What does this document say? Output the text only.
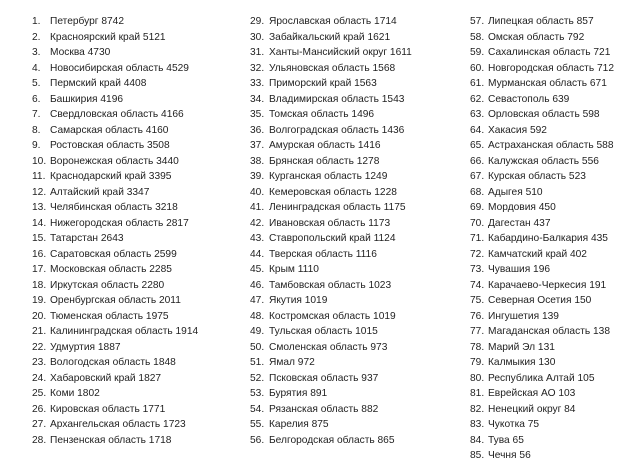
1. Петербург 8742
2. Красноярский край 5121
3. Москва 4730
4. Новосибирская область 4529
5. Пермский край 4408
6. Башкирия 4196
7. Свердловская область 4166
8. Самарская область 4160
9. Ростовская область 3508
10. Воронежская область 3440
11. Краснодарский край 3395
12. Алтайский край 3347
13. Челябинская область 3218
14. Нижегородская область 2817
15. Татарстан 2643
16. Саратовская область 2599
17. Московская область 2285
18. Иркутская область 2280
19. Оренбургская область 2011
20. Тюменская область 1975
21. Калининградская область 1914
22. Удмуртия 1887
23. Вологодская область 1848
24. Хабаровский край 1827
25. Коми 1802
26. Кировская область 1771
27. Архангельская область 1723
28. Пензенская область 1718
29. Ярославская область 1714
30. Забайкальский край 1621
31. Ханты-Мансийский округ 1611
32. Ульяновская область 1568
33. Приморский край 1563
34. Владимирская область 1543
35. Томская область 1496
36. Волгоградская область 1436
37. Амурская область 1416
38. Брянская область 1278
39. Курганская область 1249
40. Кемеровская область 1228
41. Ленинградская область 1175
42. Ивановская область 1173
43. Ставропольский край 1124
44. Тверская область 1116
45. Крым 1110
46. Тамбовская область 1023
47. Якутия 1019
48. Костромская область 1019
49. Тульская область 1015
50. Смоленская область 973
51. Ямал 972
52. Псковская область 937
53. Бурятия 891
54. Рязанская область 882
55. Карелия 875
56. Белгородская область 865
57. Липецкая область 857
58. Омская область 792
59. Сахалинская область 721
60. Новгородская область 712
61. Мурманская область 671
62. Севастополь 639
63. Орловская область 598
64. Хакасия 592
65. Астраханская область 588
66. Калужская область 556
67. Курская область 523
68. Адыгея 510
69. Мордовия 450
70. Дагестан 437
71. Кабардино-Балкария 435
72. Камчатский край 402
73. Чувашия 196
74. Карачаево-Черкесия 191
75. Северная Осетия 150
76. Ингушетия 139
77. Магаданская область 138
78. Марий Эл 131
79. Калмыкия 130
80. Республика Алтай 105
81. Еврейская АО 103
82. Ненецкий округ 84
83. Чукотка 75
84. Тува 65
85. Чечня 56
